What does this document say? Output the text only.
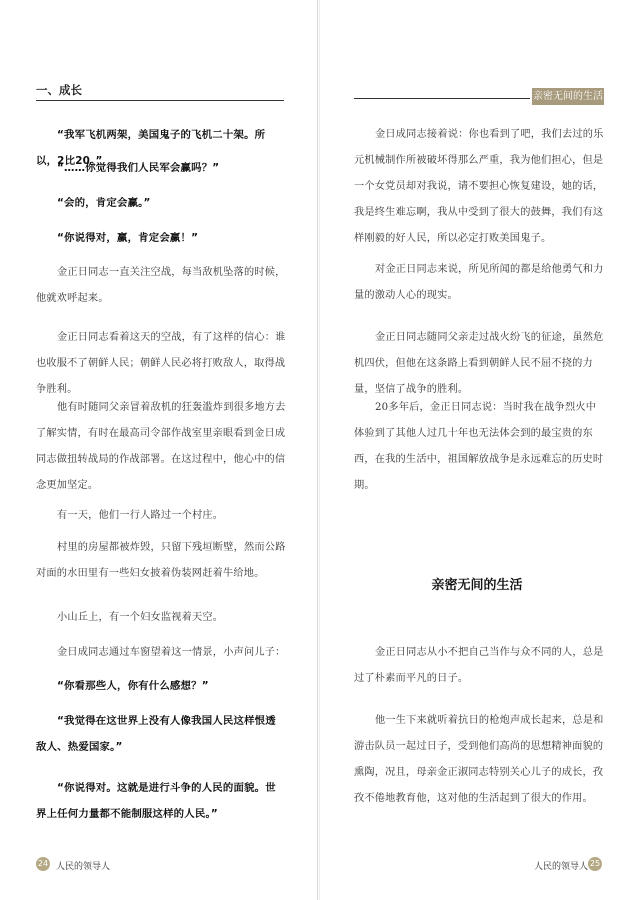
一、成长

“我军飞机两架，美国鬼子的飞机二十架。所以，2比20。”

“……你觉得我们人民军会赢吗？”

“会的，肯定会赢。”

“你说得对，赢，肯定会赢！”

金正日同志一直关注空战，每当敌机坠落的时候，他就欢呼起来。

金正日同志看着这天的空战，有了这样的信心：谁也收服不了朝鲜人民；朝鲜人民必将打败敌人，取得战争胜利。

他有时随同父亲冒着敌机的狂轰滥炸到很多地方去了解实情，有时在最高司令部作战室里亲眼看到金日成同志做扭转战局的作战部署。在这过程中，他心中的信念更加坚定。

有一天，他们一行人路过一个村庄。

村里的房屋都被炸毁，只留下残垣断壁，然而公路对面的水田里有一些妇女披着伪装网赶着牛给地。

小山丘上，有一个妇女监视着天空。

金日成同志通过车窗望着这一情景，小声问儿子：

“你看那些人，你有什么感想？”

“我觉得在这世界上没有人像我国人民这样恨透敌人、热爱国家。”

“你说得对。这就是进行斗争的人民的面貌。世界上任何力量都不能制服这样的人民。”

24 人民的领导人
亲密无间的生活

金日成同志接着说：你也看到了吧，我们去过的乐元机械制作所被破坏得那么严重，我为他们担心，但是一个女党员却对我说，请不要担心恢复建设，她的话，我是终生难忘啊，我从中受到了很大的鼓舞，我们有这样刚毅的好人民，所以必定打败美国鬼子。

对金正日同志来说，所见所闻的都是给他勇气和力量的激动人心的现实。

金正日同志随同父亲走过战火纷飞的征途，虽然危机四伏，但他在这条路上看到朝鲜人民不屈不挠的力量，坚信了战争的胜利。

20多年后，金正日同志说：当时我在战争烈火中体验到了其他人过几十年也无法体会到的最宝贵的东西，在我的生活中，祖国解放战争是永远难忘的历史时期。

亲密无间的生活

金正日同志从小不把自己当作与众不同的人，总是过了朴素而平凡的日子。

他一生下来就听着抗日的枪炮声成长起来，总是和游击队员一起过日子，受到他们高尚的思想精神面貌的熏陶，况且，母亲金正淑同志特别关心儿子的成长，孜孜不倦地教育他，这对他的生活起到了很大的作用。

人民的领导人 25
